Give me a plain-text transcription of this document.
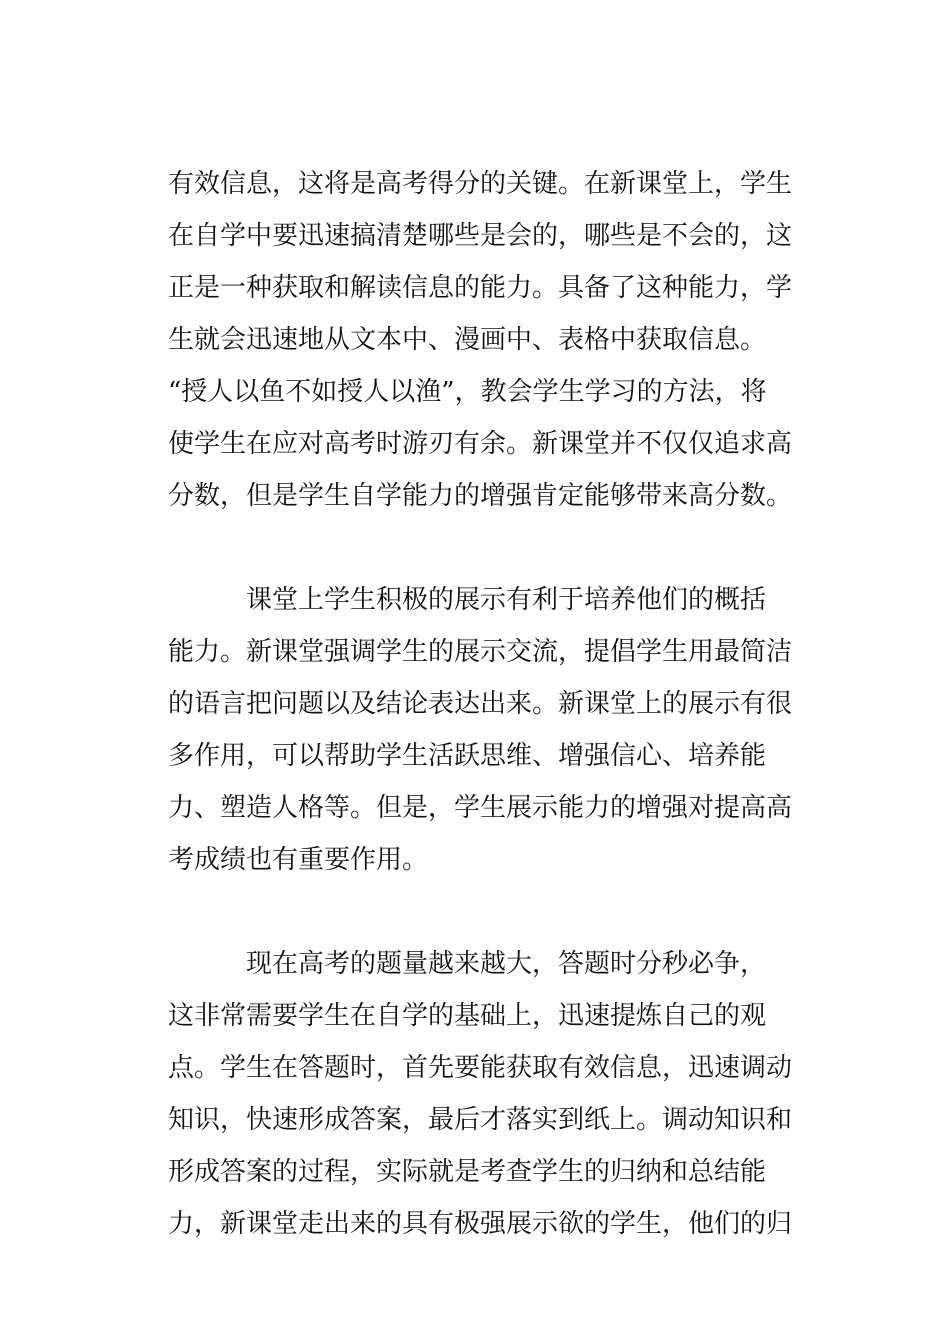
有效信息，这将是高考得分的关键。在新课堂上，学生
在自学中要迅速搞清楚哪些是会的，哪些是不会的，这
正是一种获取和解读信息的能力。具备了这种能力，学
生就会迅速地从文本中、漫画中、表格中获取信息。
“授人以鱼不如授人以渔”，教会学生学习的方法，将
使学生在应对高考时游刃有余。新课堂并不仅仅追求高
分数，但是学生自学能力的增强肯定能够带来高分数。
课堂上学生积极的展示有利于培养他们的概括
能力。新课堂强调学生的展示交流，提倡学生用最简洁
的语言把问题以及结论表达出来。新课堂上的展示有很
多作用，可以帮助学生活跃思维、增强信心、培养能
力、塑造人格等。但是，学生展示能力的增强对提高高
考成绩也有重要作用。
现在高考的题量越来越大，答题时分秒必争，
这非常需要学生在自学的基础上，迅速提炼自己的观
点。学生在答题时，首先要能获取有效信息，迅速调动
知识，快速形成答案，最后才落实到纸上。调动知识和
形成答案的过程，实际就是考查学生的归纳和总结能
力，新课堂走出来的具有极强展示欲的学生，他们的归
